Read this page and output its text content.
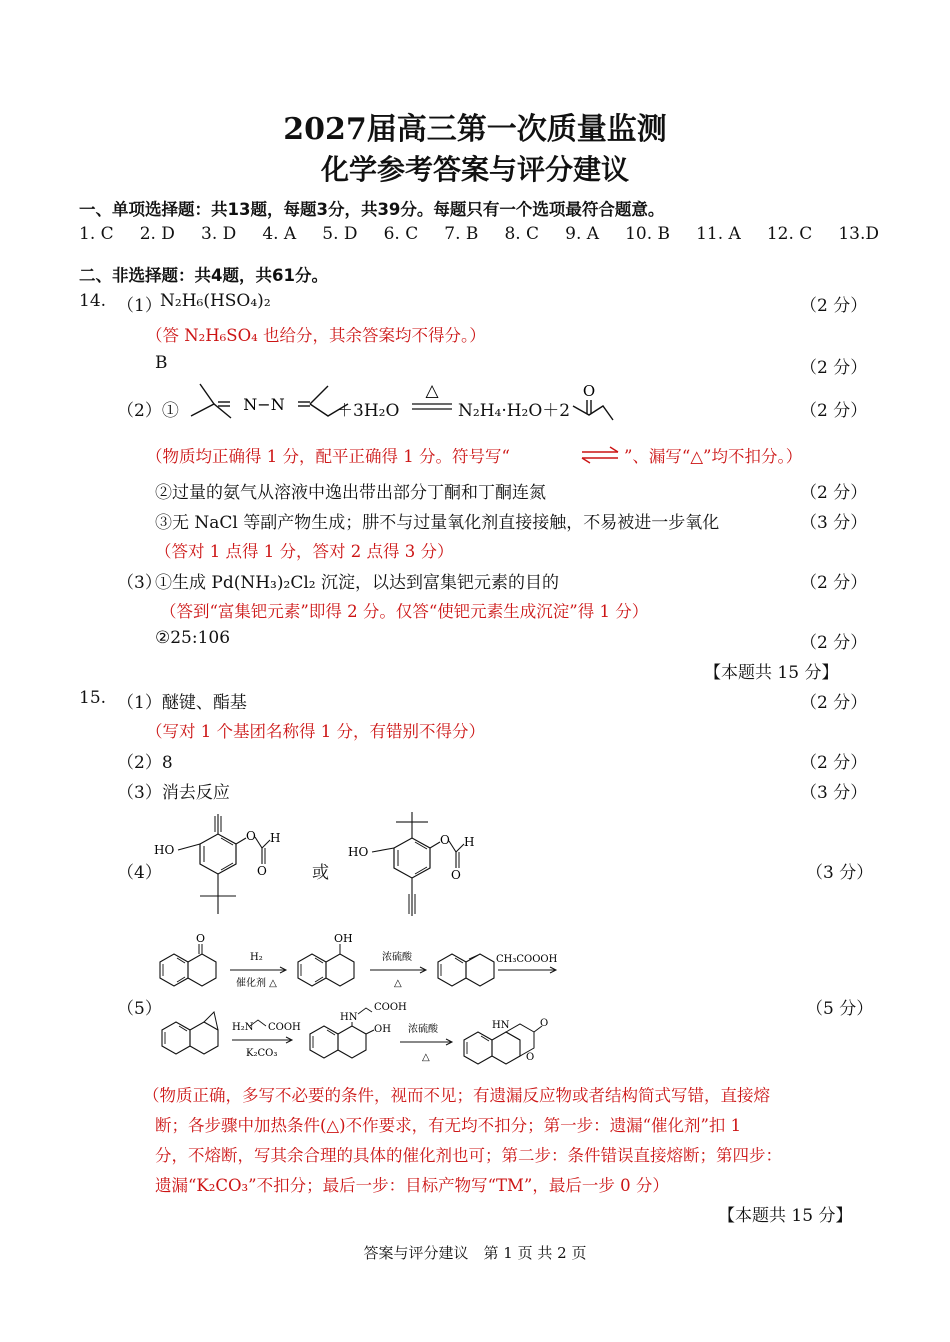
2027届高三第一次质量监测
化学参考答案与评分建议
一、单项选择题：共13题，每题3分，共39分。每题只有一个选项最符合题意。
1. C 2. D 3. D 4. A 5. D 6. C 7. B 8. C 9. A 10. B 11. A 12. C 13.D
二、非选择题：共4题，共61分。
14. （1）
N₂H₆(HSO₄)₂	（2 分）
（答 N₂H₆SO₄ 也给分，其余答案均不得分。）
B	（2 分）
（2）①	N−N	＋3H₂O
△
N₂H₄·H₂O＋2
O
（2 分）
（物质均正确得 1 分，配平正确得 1 分。符号写“	⇌ ”、漏写“△”均不扣分。）
②过量的氨气从溶液中逸出带出部分丁酮和丁酮连氮	（2 分）
③无 NaCl 等副产物生成；肼不与过量氧化剂直接接触，不易被进一步氧化	（3 分）
（答对 1 点得 1 分，答对 2 点得 3 分）
（3）
①生成 Pd(NH₃)₂Cl₂ 沉淀，以达到富集钯元素的目的	（2 分）
（答到“富集钯元素”即得 2 分。仅答“使钯元素生成沉淀”得 1 分）
②25:106	（2 分）
【本题共 15 分】
15. （1）醚键、酯基	（2 分）
（写对 1 个基团名称得 1 分，有错别不得分）
（2）8	（2 分）
（3）消去反应	（3 分）
（4）
HO
O
O
H
或
HO
O
O
H
（3 分）
（5）
O
H₂
催化剂 △
OH
浓硫酸
△
CH₃COOOH
H₂N COOH
K₂CO₃
HN
COOH
OH 浓硫酸
△
HN	O
O
（5 分）
（物质正确，多写不必要的条件，视而不见；有遗漏反应物或者结构简式写错，直接熔
断；各步骤中加热条件(△)不作要求，有无均不扣分；第一步：遗漏“催化剂”扣 1
分，不熔断，写其余合理的具体的催化剂也可；第二步：条件错误直接熔断；第四步：
遗漏“K₂CO₃”不扣分；最后一步：目标产物写“TM”，最后一步 0 分）
【本题共 15 分】
答案与评分建议　第 1 页 共 2 页
